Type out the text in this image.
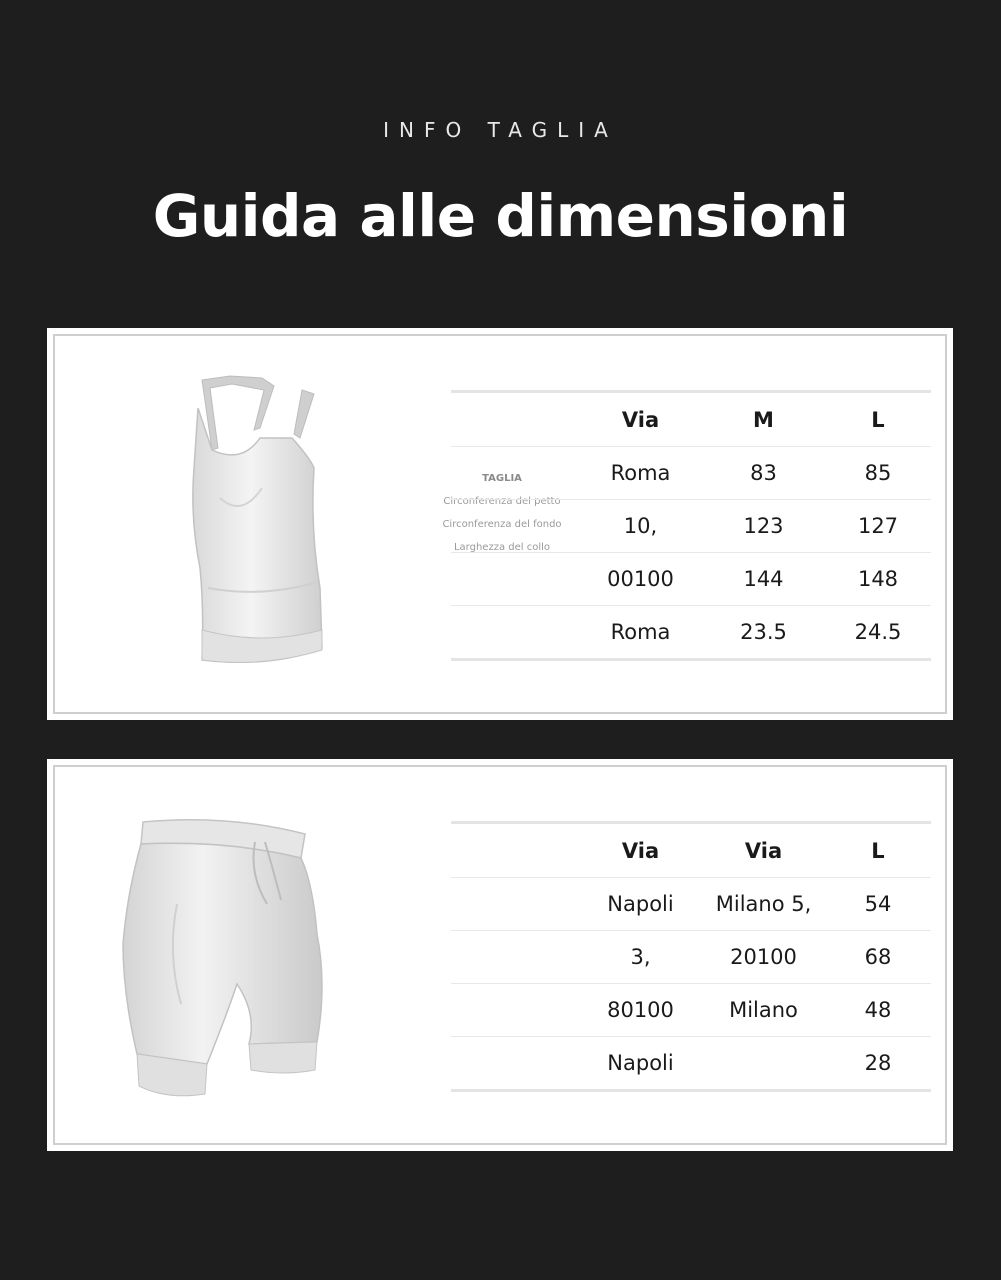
INFO TAGLIA
Guida alle dimensioni
TAGLIA
Circonferenza del petto
Circonferenza del fondo
Larghezza del collo
	Via	M	L
	Roma	83	85
	10,	123	127
	00100	144	148
	Roma	23.5	24.5
	Via	Via	L
	Napoli	Milano 5,	54
	3,	20100	68
	80100	Milano	48
	Napoli		28
